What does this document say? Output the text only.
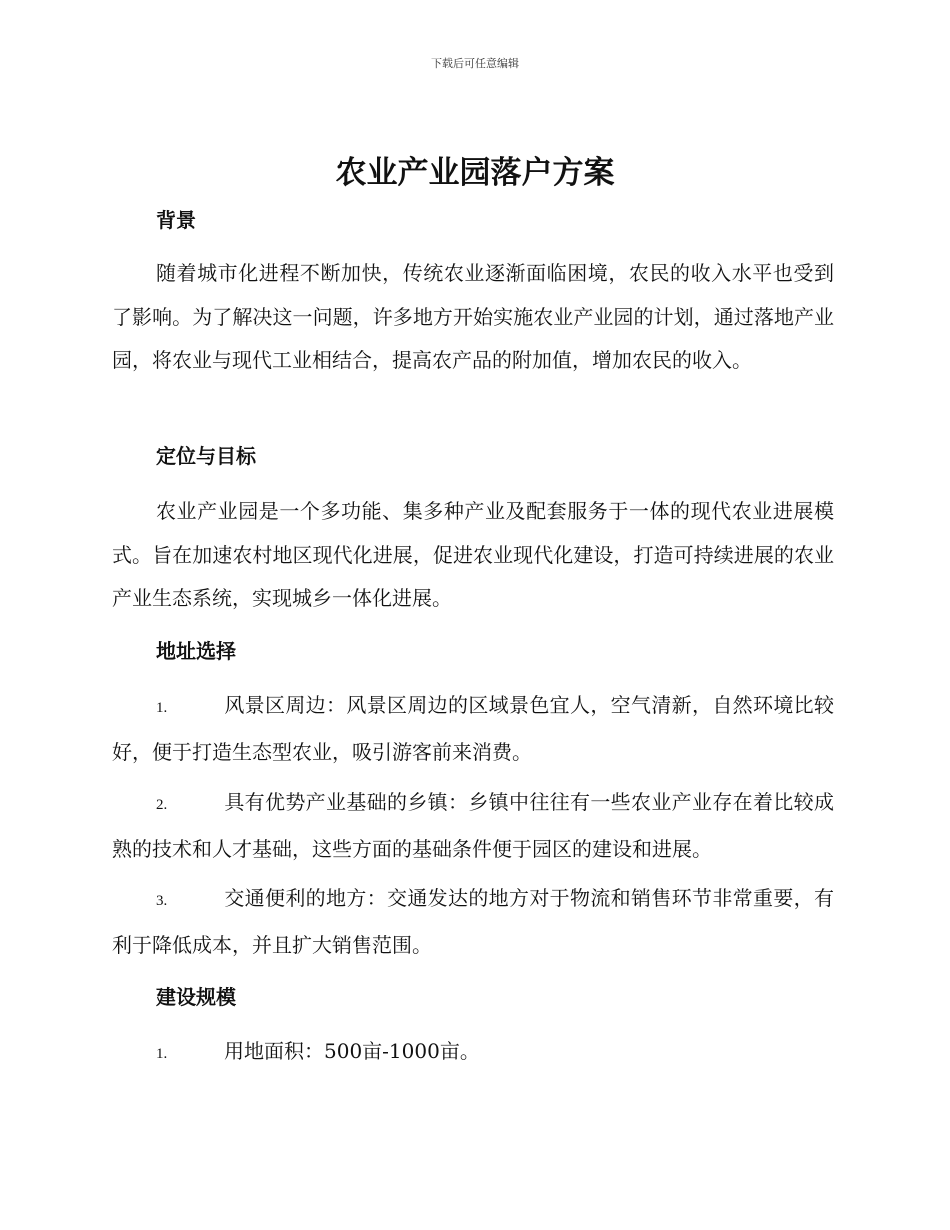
下载后可任意编辑
农业产业园落户方案
背景

随着城市化进程不断加快，传统农业逐渐面临困境，农民的收入水平也受到了影响。为了解决这一问题，许多地方开始实施农业产业园的计划，通过落地产业园，将农业与现代工业相结合，提高农产品的附加值，增加农民的收入。

定位与目标

农业产业园是一个多功能、集多种产业及配套服务于一体的现代农业进展模式。旨在加速农村地区现代化进展，促进农业现代化建设，打造可持续进展的农业产业生态系统，实现城乡一体化进展。

地址选择

1.	风景区周边：风景区周边的区域景色宜人，空气清新，自然环境比较好，便于打造生态型农业，吸引游客前来消费。

2.	具有优势产业基础的乡镇：乡镇中往往有一些农业产业存在着比较成熟的技术和人才基础，这些方面的基础条件便于园区的建设和进展。

3.	交通便利的地方：交通发达的地方对于物流和销售环节非常重要，有利于降低成本，并且扩大销售范围。

建设规模

1.	用地面积：500亩-1000亩。
